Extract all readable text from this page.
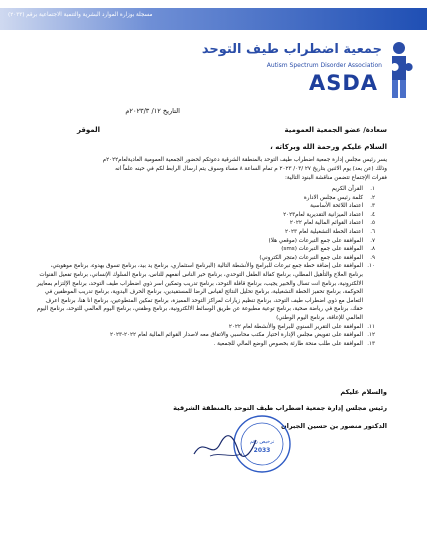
مسجلة بوزارة الموارد البشرية والتنمية الاجتماعية برقم (٢٠٣٣)
جمعية اضطراب طيف التوحد
Autism Spectrum Disorder Association
ASDA
التاريخ ١٢/ ٢٠٢٣/٣م
الموقر	سعادة/ عضو الجمعية العمومية
السلام عليكم ورحمة الله وبركاته ،
يسر رئيس مجلس إدارة جمعية اضطراب طيف التوحد بالمنطقة الشرقية دعوتكم لحضور الجمعية العمومية العاديةلعام٢٠٢٢م
وذلك (عن بعد) يوم الاثنين بتاريخ ٢٧ /٠٣/ ٢٠٢٣ م تمام الساعة ٨ مساء وسوف يتم ارسال الرابط لكم في حينه علماً انه
فقرات الإجتماع تتضمن مناقشة البنود التالية:
١.
القرآن الكريم
٢.
كلمة رئيس مجلس الادارة
٣.
اعتماد اللائحة الأساسية
٤.
اعتماد الميزانية التقديرية لعام٢٠٢٣
٥.
اعتماد القوائم المالية لعام ٢٠٢٢
٦.
اعتماد الخطة التشغيلية لعام ٢٠٢٣
٧.
الموافقة على جمع التبرعات (موقعي هلا)
٨.
الموافقة على جمع التبرعات (sms)
٩.
الموافقة على جمع التبرعات (متجر الكتروني)
١٠.
الموافقة على إضافة خطة جمع تبرعات للبرامج والأنشطة التالية (البرنامج استثماري، برنامج يد بيد، برنامج تسوق بهدوء، برنامج موهوبتي، برنامج العلاج والتأهيل المطلي، برنامج كفالة الطفل التوحدي، برنامج خير الناس أنفعهم للناس، برنامج السلوك الإنساني، برنامج تفعيل القنوات الالكترونية، برنامج انت تسال والخبير يجيب، برنامج قافلة التوحد، برنامج تدريب وتمكين اسر ذوي اضطراب طيف التوحد، برنامج الإلتزام بمعايير الحوكمة، برنامج تحفيز الخطة التشغيلية، برنامج تحليل النتائج لقياس الرضا للمستفيدين، برنامج الحرف اليدوية، برنامج تدريب الموظفين في التعامل مع ذوي اضطراب طيف التوحد، برنامج تنظيم زيارات لمراكز التوحد المميزة، برنامج تمكين المتطوعين، برنامج انا هنا، برنامج اعرف حقك، برنامج في رياضة صحية، برنامج توعية مطبوعة عن طريق الوسائط الالكترونية، برنامج وظفني، برنامج اليوم العالمي للتوحد، برنامج اليوم العالمي للإعاقة، برنامج اليوم الوطني)
١١.
الموافقة على التقرير السنوي للبرامج والأنشطة لعام ٢٠٢٢
١٢.
الموافقة على تفويض مجلس الإدارة اختيار مكتب محاسبي والاتفاق معه لاصدار القوائم المالية لعام ٢٠٢٢-٢٠٢٣
١٣.
الموافقة على طلب منحة طارئة بخصوص الوضع المالي للجمعية .
والسلام عليكم
رئيس مجلس إدارة جمعية اضطراب طيف التوحد بالمنطقة الشرقية
الدكتور منصور بن حسين الجبران
ترخيص رقم
2033
